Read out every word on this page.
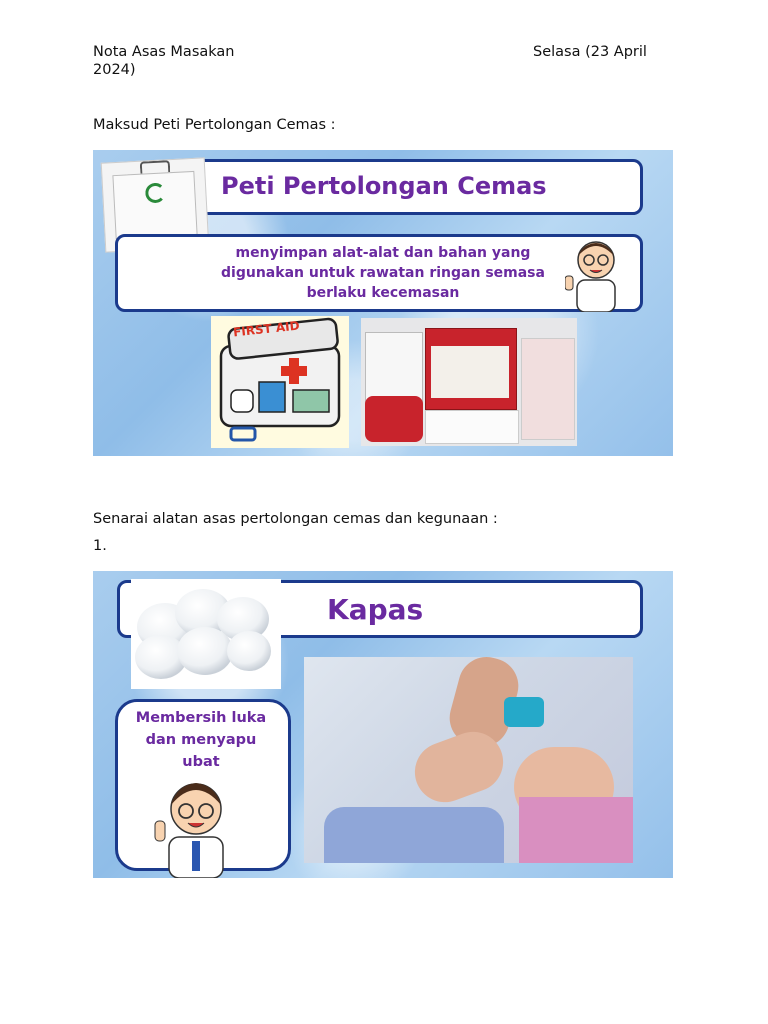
Nota Asas Masakan	Selasa (23 April
2024)
Maksud Peti Pertolongan Cemas :
Peti Pertolongan Cemas
menyimpan alat-alat dan bahan yang
digunakan untuk rawatan ringan semasa
berlaku kecemasan
FIRST AID
Senarai alatan asas pertolongan cemas dan kegunaan :
1.
Kapas
Membersih luka
dan menyapu
ubat
